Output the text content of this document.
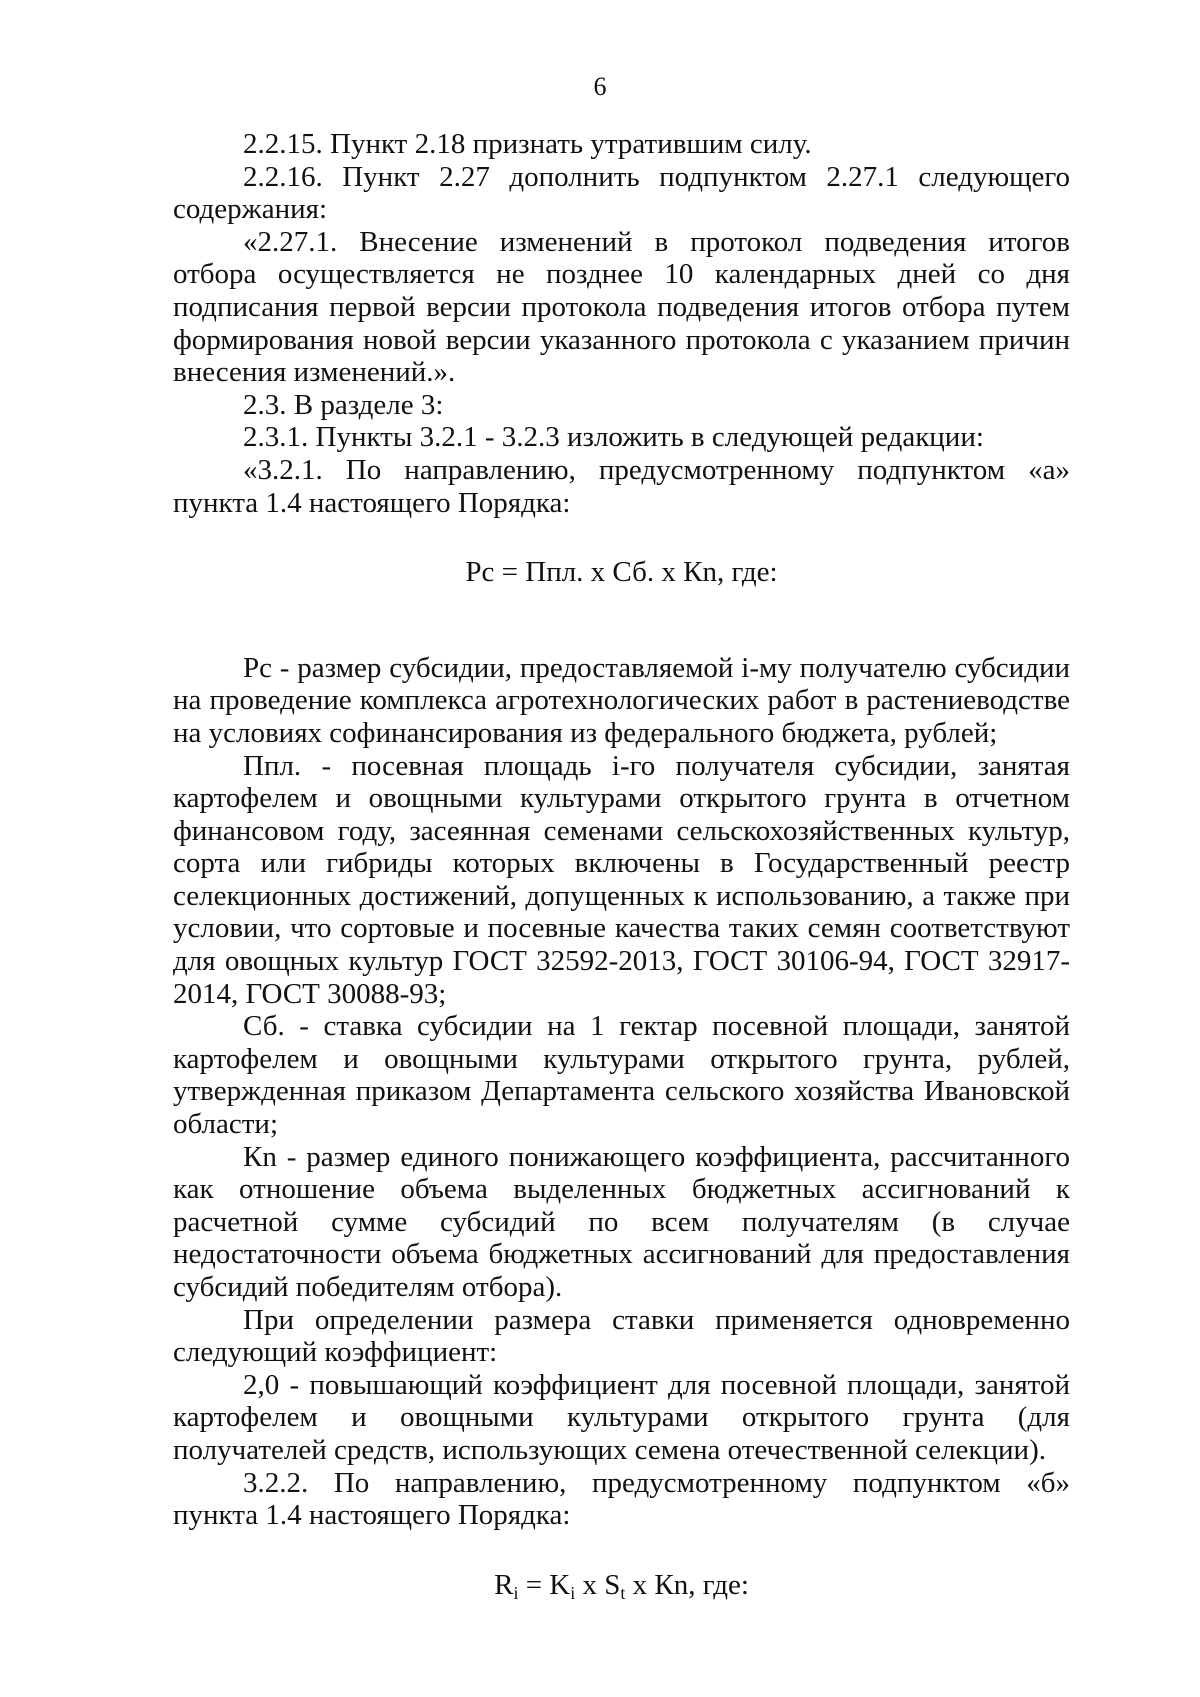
6

2.2.15. Пункт 2.18 признать утратившим силу.

2.2.16. Пункт 2.27 дополнить подпунктом 2.27.1 следующего содержания:

«2.27.1. Внесение изменений в протокол подведения итогов отбора осуществляется не позднее 10 календарных дней со дня подписания первой версии протокола подведения итогов отбора путем формирования новой версии указанного протокола с указанием причин внесения изменений.».

2.3. В разделе 3:

2.3.1. Пункты 3.2.1 - 3.2.3 изложить в следующей редакции:

«3.2.1. По направлению, предусмотренному подпунктом «а» пункта 1.4 настоящего Порядка:

Рс = Ппл. х Сб. х Кn, где:

Рс - размер субсидии, предоставляемой i-му получателю субсидии на проведение комплекса агротехнологических работ в растениеводстве на условиях софинансирования из федерального бюджета, рублей;

Ппл. - посевная площадь i-го получателя субсидии, занятая картофелем и овощными культурами открытого грунта в отчетном финансовом году, засеянная семенами сельскохозяйственных культур, сорта или гибриды которых включены в Государственный реестр селекционных достижений, допущенных к использованию, а также при условии, что сортовые и посевные качества таких семян соответствуют для овощных культур ГОСТ 32592-2013, ГОСТ 30106-94, ГОСТ 32917-2014, ГОСТ 30088-93;

Сб. - ставка субсидии на 1 гектар посевной площади, занятой картофелем и овощными культурами открытого грунта, рублей, утвержденная приказом Департамента сельского хозяйства Ивановской области;

Кn - размер единого понижающего коэффициента, рассчитанного как отношение объема выделенных бюджетных ассигнований к расчетной сумме субсидий по всем получателям (в случае недостаточности объема бюджетных ассигнований для предоставления субсидий победителям отбора).

При определении размера ставки применяется одновременно следующий коэффициент:

2,0 - повышающий коэффициент для посевной площади, занятой картофелем и овощными культурами открытого грунта (для получателей средств, использующих семена отечественной селекции).

3.2.2. По направлению, предусмотренному подпунктом «б» пункта 1.4 настоящего Порядка:

$R_i = K_i$ x $S_t$ x Кn, где:
